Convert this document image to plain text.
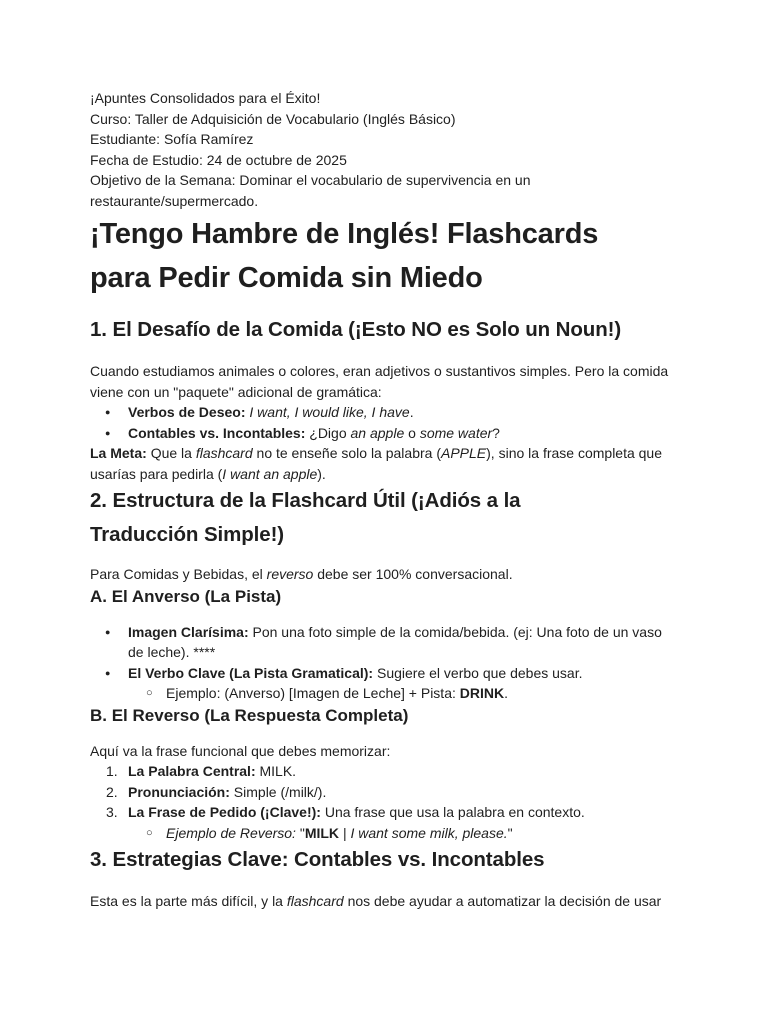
¡Apuntes Consolidados para el Éxito!

Curso: Taller de Adquisición de Vocabulario (Inglés Básico)

Estudiante: Sofía Ramírez

Fecha de Estudio: 24 de octubre de 2025

Objetivo de la Semana: Dominar el vocabulario de supervivencia en un

restaurante/supermercado.

¡Tengo Hambre de Inglés! Flashcards
para Pedir Comida sin Miedo
1. El Desafío de la Comida (¡Esto NO es Solo un Noun!)

Cuando estudiamos animales o colores, eran adjetivos o sustantivos simples. Pero la comida
viene con un "paquete" adicional de gramática:

● Verbos de Deseo: I want, I would like, I have.
● Contables vs. Incontables: ¿Digo an apple o some water?

La Meta: Que la flashcard no te enseñe solo la palabra (APPLE), sino la frase completa que
usarías para pedirla (I want an apple).

2. Estructura de la Flashcard Útil (¡Adiós a la
Traducción Simple!)

Para Comidas y Bebidas, el reverso debe ser 100% conversacional.

A. El Anverso (La Pista)
● Imagen Clarísima: Pon una foto simple de la comida/bebida. (ej: Una foto de un vaso
de leche). ****
● El Verbo Clave (La Pista Gramatical): Sugiere el verbo que debes usar.
○ Ejemplo: (Anverso) [Imagen de Leche] + Pista: DRINK.
B. El Reverso (La Respuesta Completa)

Aquí va la frase funcional que debes memorizar:

1. La Palabra Central: MILK.
2. Pronunciación: Simple (/milk/).
3. La Frase de Pedido (¡Clave!): Una frase que usa la palabra en contexto.
○ Ejemplo de Reverso: "MILK | I want some milk, please."
3. Estrategias Clave: Contables vs. Incontables

Esta es la parte más difícil, y la flashcard nos debe ayudar a automatizar la decisión de usar
